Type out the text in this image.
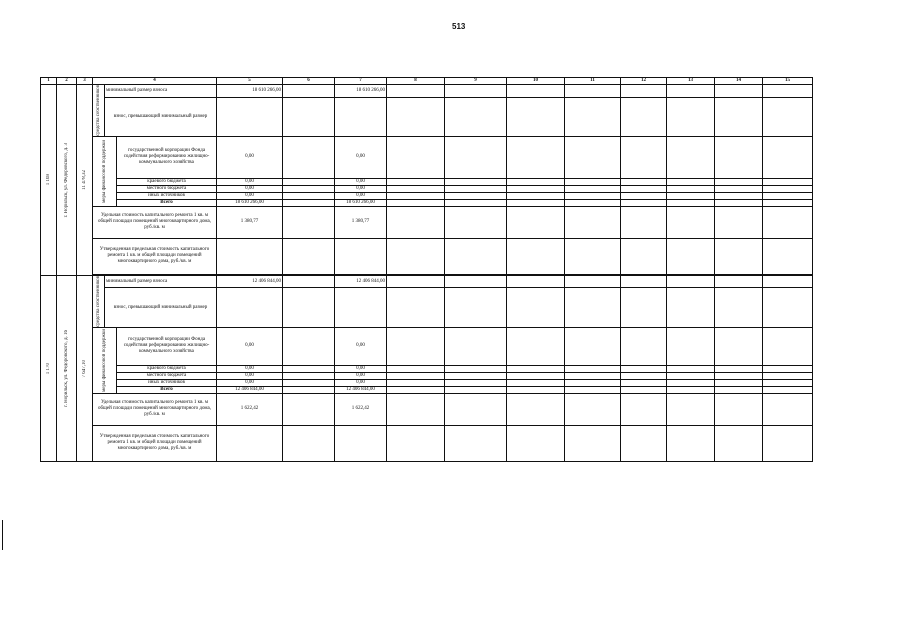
513
1	2	3	4			5	6	7	8	9	10	11	12	13	14	15

1 169	г. Норильск, ул. Федоровского, д. 3	11 478,32	средства собственников	минимальный размер взноса		18 610 266,00		18 610 266,00								
				взнос, превышающий минимальный размер												

			меры финансовой поддержки		государственной корпорации Фонда содействия реформированию жилищно-коммунального хозяйства	0,00		0,00								
					краевого бюджета	0,00		0,00								
					местного бюджета	0,00		0,00								
					иных источников	0,00		0,00								
					Всего	18 610 266,00		18 610 266,00								
			Удельная стоимость капитального ремонта 1 кв. м общей площади помещений многоквартирного дома, руб./кв. м			1 380,77		1 380,77								
			Утвержденная предельная стоимость капитального ремонта 1 кв. м общей площади помещений многоквартирного дома, руб./кв. м													

1 170	г. Норильск, ул. Федоровского, д. 16	7 647,10	средства собственников	минимальный размер взноса		12 406 844,00		12 406 844,00								
				взнос, превышающий минимальный размер												

			меры финансовой поддержки		государственной корпорации Фонда содействия реформированию жилищно-коммунального хозяйства	0,00		0,00								
					краевого бюджета	0,00		0,00								
					местного бюджета	0,00		0,00								
					иных источников	0,00		0,00								
					Всего	12 406 844,00		12 406 844,00								
			Удельная стоимость капитального ремонта 1 кв. м общей площади помещений многоквартирного дома, руб./кв. м			1 622,42		1 622,42								
			Утвержденная предельная стоимость капитального ремонта 1 кв. м общей площади помещений многоквартирного дома, руб./кв. м													
